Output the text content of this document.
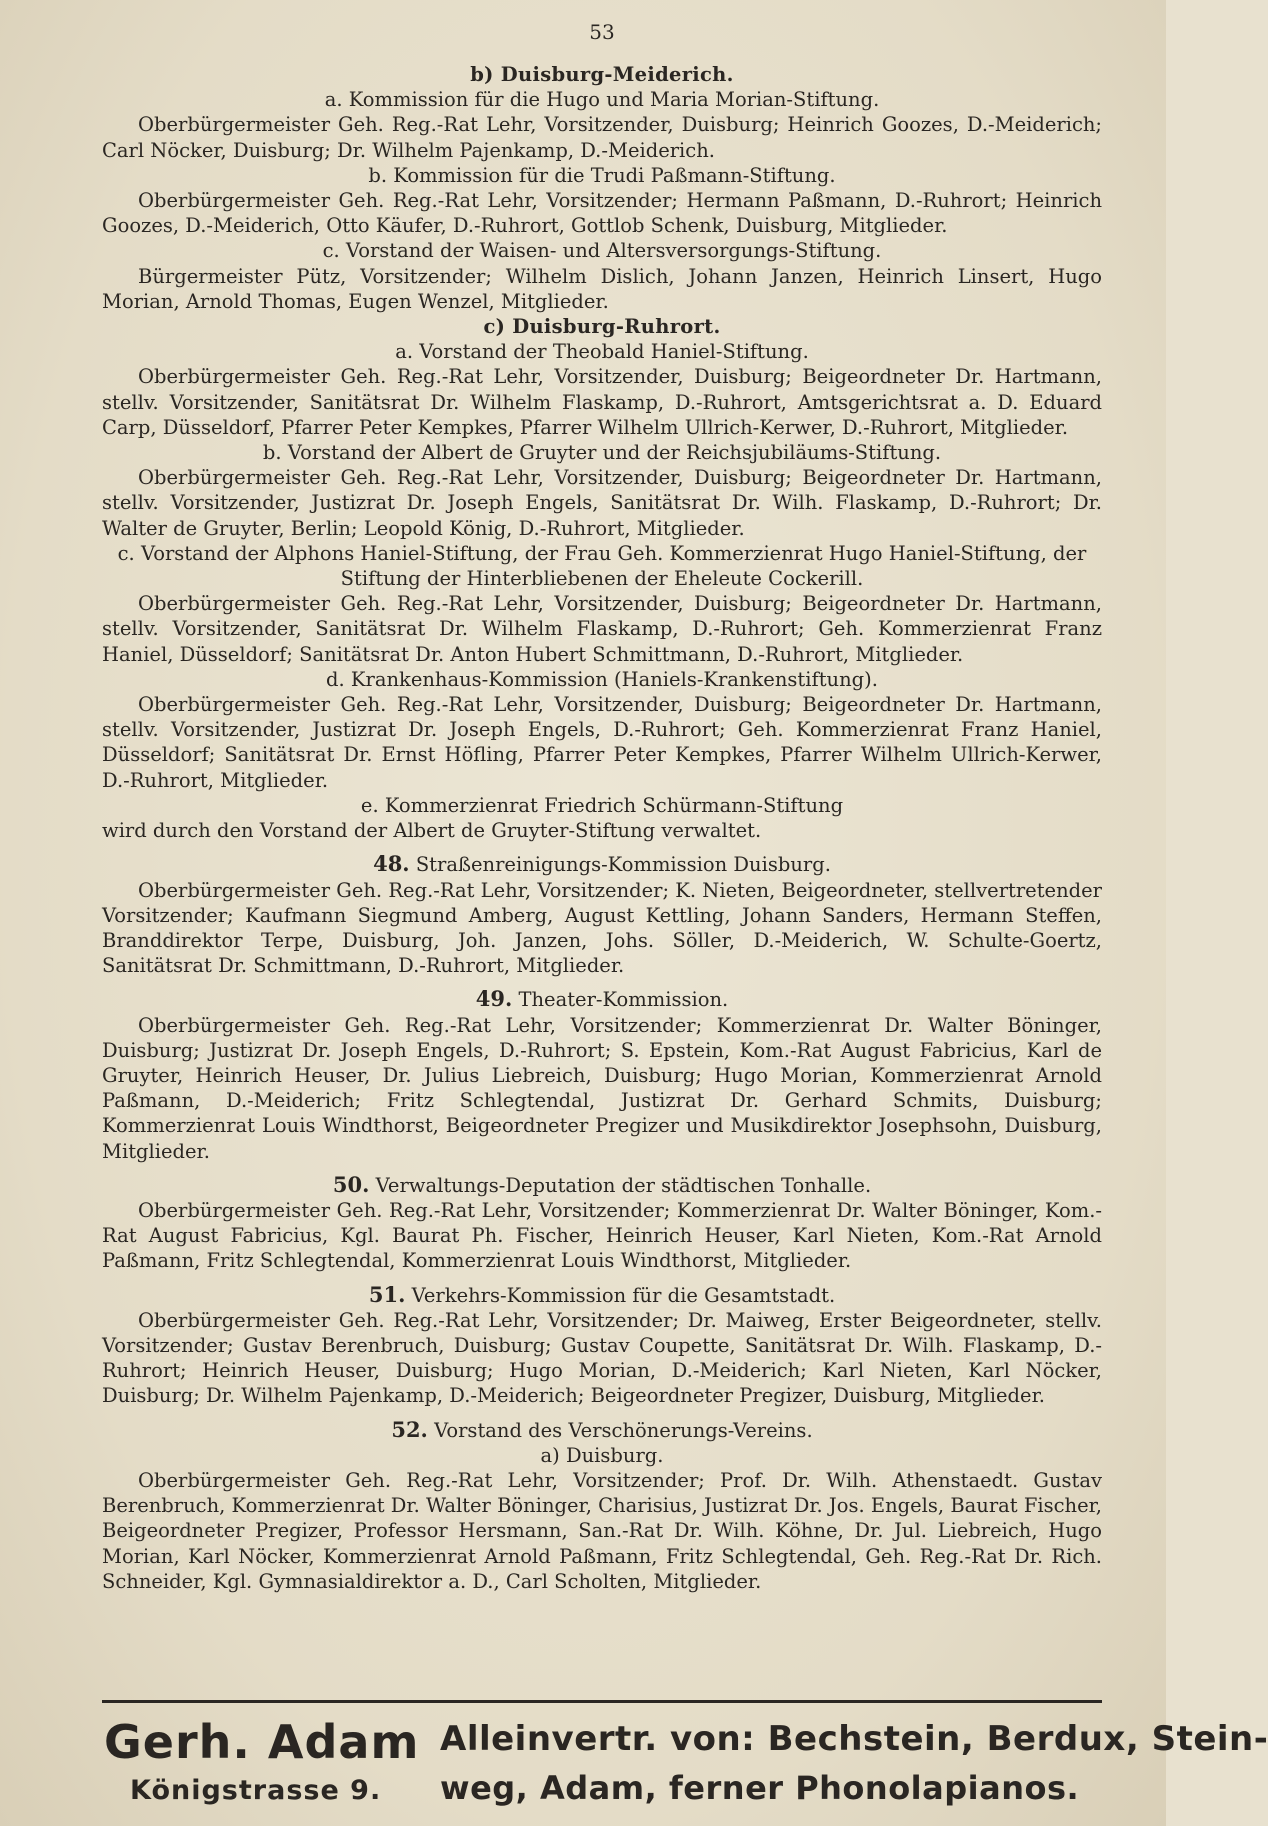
53
b) Duisburg-Meiderich.
a. Kommission für die Hugo und Maria Morian-Stiftung.
Oberbürgermeister Geh. Reg.-Rat Lehr, Vorsitzender, Duisburg; Heinrich Goozes, D.-Meiderich; Carl Nöcker, Duisburg; Dr. Wilhelm Pajenkamp, D.-Meiderich.
b. Kommission für die Trudi Paßmann-Stiftung.
Oberbürgermeister Geh. Reg.-Rat Lehr, Vorsitzender; Hermann Paßmann, D.-Ruhrort; Heinrich Goozes, D.-Meiderich, Otto Käufer, D.-Ruhrort, Gottlob Schenk, Duisburg, Mitglieder.
c. Vorstand der Waisen- und Altersversorgungs-Stiftung.
Bürgermeister Pütz, Vorsitzender; Wilhelm Dislich, Johann Janzen, Heinrich Linsert, Hugo Morian, Arnold Thomas, Eugen Wenzel, Mitglieder.
c) Duisburg-Ruhrort.
a. Vorstand der Theobald Haniel-Stiftung.
Oberbürgermeister Geh. Reg.-Rat Lehr, Vorsitzender, Duisburg; Beigeordneter Dr. Hartmann, stellv. Vorsitzender, Sanitätsrat Dr. Wilhelm Flaskamp, D.-Ruhrort, Amtsgerichtsrat a. D. Eduard Carp, Düsseldorf, Pfarrer Peter Kempkes, Pfarrer Wilhelm Ullrich-Kerwer, D.-Ruhrort, Mitglieder.
b. Vorstand der Albert de Gruyter und der Reichsjubiläums-Stiftung.
Oberbürgermeister Geh. Reg.-Rat Lehr, Vorsitzender, Duisburg; Beigeordneter Dr. Hartmann, stellv. Vorsitzender, Justizrat Dr. Joseph Engels, Sanitätsrat Dr. Wilh. Flaskamp, D.-Ruhrort; Dr. Walter de Gruyter, Berlin; Leopold König, D.-Ruhrort, Mitglieder.
c. Vorstand der Alphons Haniel-Stiftung, der Frau Geh. Kommerzienrat Hugo Haniel-Stiftung, der Stiftung der Hinterbliebenen der Eheleute Cockerill.
Oberbürgermeister Geh. Reg.-Rat Lehr, Vorsitzender, Duisburg; Beigeordneter Dr. Hartmann, stellv. Vorsitzender, Sanitätsrat Dr. Wilhelm Flaskamp, D.-Ruhrort; Geh. Kommerzienrat Franz Haniel, Düsseldorf; Sanitätsrat Dr. Anton Hubert Schmittmann, D.-Ruhrort, Mitglieder.
d. Krankenhaus-Kommission (Haniels-Krankenstiftung).
Oberbürgermeister Geh. Reg.-Rat Lehr, Vorsitzender, Duisburg; Beigeordneter Dr. Hartmann, stellv. Vorsitzender, Justizrat Dr. Joseph Engels, D.-Ruhrort; Geh. Kommerzienrat Franz Haniel, Düsseldorf; Sanitätsrat Dr. Ernst Höfling, Pfarrer Peter Kempkes, Pfarrer Wilhelm Ullrich-Kerwer, D.-Ruhrort, Mitglieder.
e. Kommerzienrat Friedrich Schürmann-Stiftung
wird durch den Vorstand der Albert de Gruyter-Stiftung verwaltet.
48. Straßenreinigungs-Kommission Duisburg.
Oberbürgermeister Geh. Reg.-Rat Lehr, Vorsitzender; K. Nieten, Beigeordneter, stellvertretender Vorsitzender; Kaufmann Siegmund Amberg, August Kettling, Johann Sanders, Hermann Steffen, Branddirektor Terpe, Duisburg, Joh. Janzen, Johs. Söller, D.-Meiderich, W. Schulte-Goertz, Sanitätsrat Dr. Schmittmann, D.-Ruhrort, Mitglieder.
49. Theater-Kommission.
Oberbürgermeister Geh. Reg.-Rat Lehr, Vorsitzender; Kommerzienrat Dr. Walter Böninger, Duisburg; Justizrat Dr. Joseph Engels, D.-Ruhrort; S. Epstein, Kom.-Rat August Fabricius, Karl de Gruyter, Heinrich Heuser, Dr. Julius Liebreich, Duisburg; Hugo Morian, Kommerzienrat Arnold Paßmann, D.-Meiderich; Fritz Schlegtendal, Justizrat Dr. Gerhard Schmits, Duisburg; Kommerzienrat Louis Windthorst, Beigeordneter Pregizer und Musikdirektor Josephsohn, Duisburg, Mitglieder.
50. Verwaltungs-Deputation der städtischen Tonhalle.
Oberbürgermeister Geh. Reg.-Rat Lehr, Vorsitzender; Kommerzienrat Dr. Walter Böninger, Kom.-Rat August Fabricius, Kgl. Baurat Ph. Fischer, Heinrich Heuser, Karl Nieten, Kom.-Rat Arnold Paßmann, Fritz Schlegtendal, Kommerzienrat Louis Windthorst, Mitglieder.
51. Verkehrs-Kommission für die Gesamtstadt.
Oberbürgermeister Geh. Reg.-Rat Lehr, Vorsitzender; Dr. Maiweg, Erster Beigeordneter, stellv. Vorsitzender; Gustav Berenbruch, Duisburg; Gustav Coupette, Sanitätsrat Dr. Wilh. Flaskamp, D.-Ruhrort; Heinrich Heuser, Duisburg; Hugo Morian, D.-Meiderich; Karl Nieten, Karl Nöcker, Duisburg; Dr. Wilhelm Pajenkamp, D.-Meiderich; Beigeordneter Pregizer, Duisburg, Mitglieder.
52. Vorstand des Verschönerungs-Vereins.
a) Duisburg.
Oberbürgermeister Geh. Reg.-Rat Lehr, Vorsitzender; Prof. Dr. Wilh. Athenstaedt. Gustav Berenbruch, Kommerzienrat Dr. Walter Böninger, Charisius, Justizrat Dr. Jos. Engels, Baurat Fischer, Beigeordneter Pregizer, Professor Hersmann, San.-Rat Dr. Wilh. Köhne, Dr. Jul. Liebreich, Hugo Morian, Karl Nöcker, Kommerzienrat Arnold Paßmann, Fritz Schlegtendal, Geh. Reg.-Rat Dr. Rich. Schneider, Kgl. Gymnasialdirektor a. D., Carl Scholten, Mitglieder.
Gerh. Adam
Königstrasse 9.
Alleinvertr. von: Bechstein, Berdux, Stein-
weg, Adam, ferner Phonolapianos.
